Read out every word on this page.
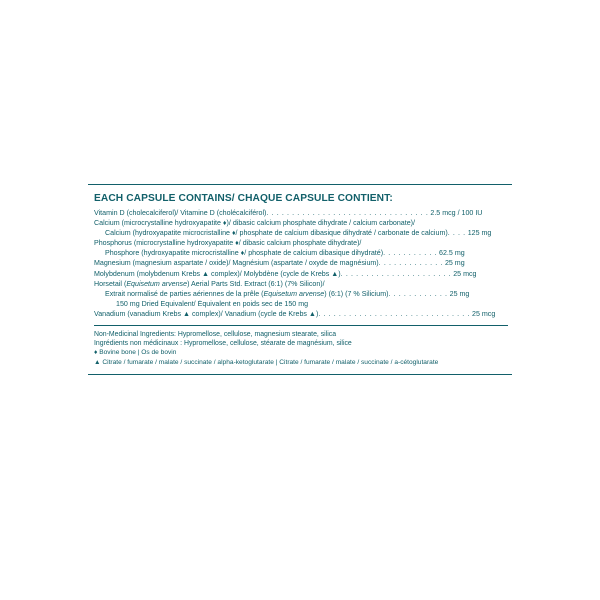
EACH CAPSULE CONTAINS/ CHAQUE CAPSULE CONTIENT:
Vitamin D (cholecalciferol)/ Vitamine D (cholécalciférol). . . . . . . . . . . . . . . . . . . . . . . . . . . . . . . . 2.5 mcg / 100 IU
Calcium (microcrystalline hydroxyapatite ♦)/ dibasic calcium phosphate dihydrate / calcium carbonate)/
Calcium (hydroxyapatite microcristalline ♦/ phosphate de calcium dibasique dihydraté / carbonate de calcium). . . . 125 mg
Phosphorus (microcrystalline hydroxyapatite ♦/ dibasic calcium phosphate dihydrate)/
Phosphore (hydroxyapatite microcristalline ♦/ phosphate de calcium dibasique dihydraté). . . . . . . . . . . 62.5 mg
Magnesium (magnesium aspartate / oxide)/ Magnésium (aspartate / oxyde de magnésium). . . . . . . . . . . . . 25 mg
Molybdenum (molybdenum Krebs ▲ complex)/ Molybdène (cycle de Krebs ▲). . . . . . . . . . . . . . . . . . . . . . 25 mcg
Horsetail (Equisetum arvense) Aerial Parts Std. Extract (6:1) (7% Silicon)/
Extrait normalisé de parties aériennes de la prêle (Equisetum arvense) (6:1) (7 % Silicium). . . . . . . . . . . . 25 mg
150 mg Dried Equivalent/ Équivalent en poids sec de 150 mg
Vanadium (vanadium Krebs ▲ complex)/ Vanadium (cycle de Krebs ▲). . . . . . . . . . . . . . . . . . . . . . . . . . . . . . 25 mcg
Non-Medicinal Ingredients: Hypromellose, cellulose, magnesium stearate, silica
Ingrédients non médicinaux : Hypromellose, cellulose, stéarate de magnésium, silice
♦ Bovine bone | Os de bovin
▲ Citrate / fumarate / malate / succinate / alpha-ketoglutarate | Citrate / fumarate / malate / succinate / a-cétoglutarate
